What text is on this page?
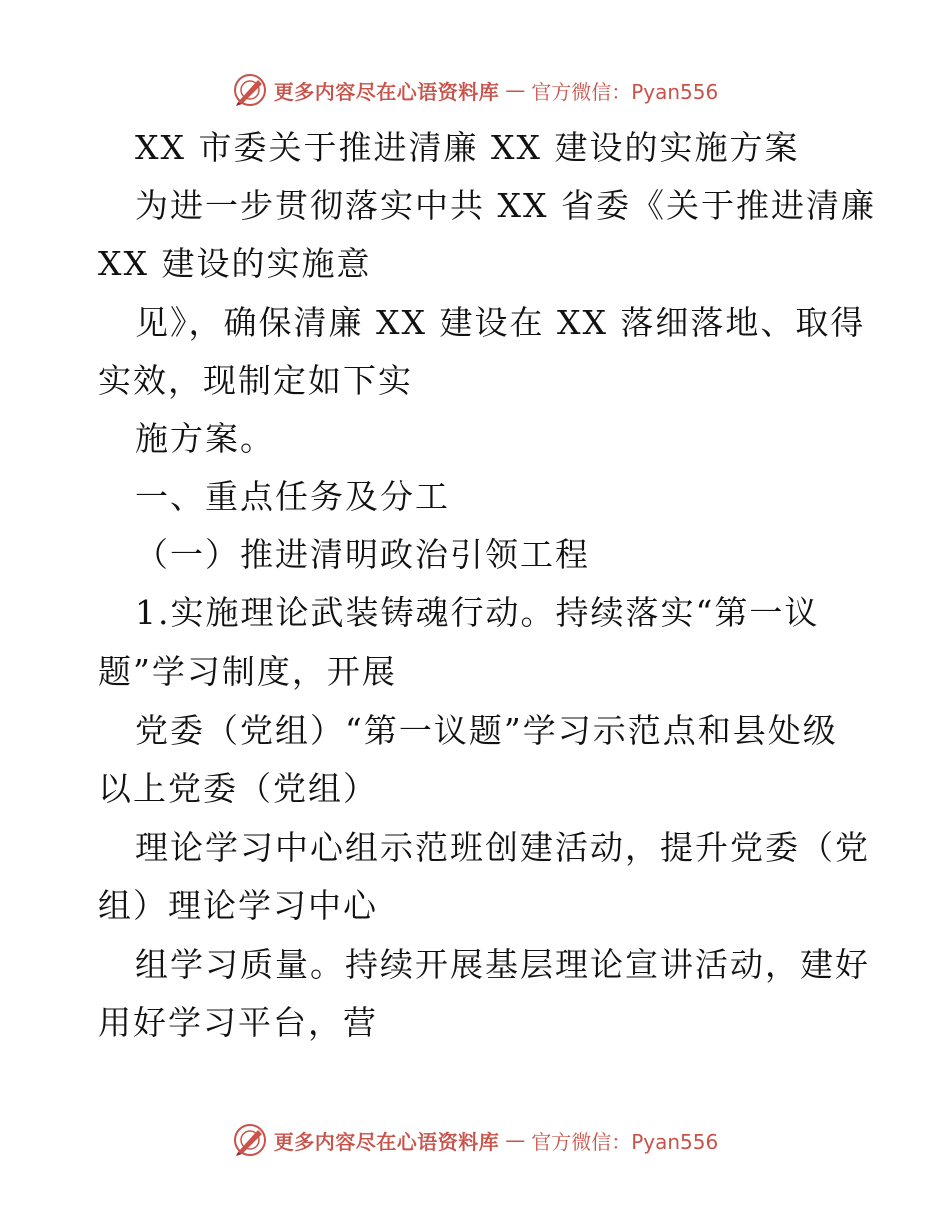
更多内容尽在心语资料库 — 官方微信：Pyan556
XX 市委关于推进清廉 XX 建设的实施方案
为进一步贯彻落实中共 XX 省委《关于推进清廉
XX 建设的实施意
见》，确保清廉 XX 建设在 XX 落细落地、取得
实效，现制定如下实
施方案。
一、重点任务及分工
（一）推进清明政治引领工程
1.实施理论武装铸魂行动。持续落实“第一议
题”学习制度，开展
党委（党组）“第一议题”学习示范点和县处级
以上党委（党组）
理论学习中心组示范班创建活动，提升党委（党
组）理论学习中心
组学习质量。持续开展基层理论宣讲活动，建好
用好学习平台，营
更多内容尽在心语资料库 — 官方微信：Pyan556
